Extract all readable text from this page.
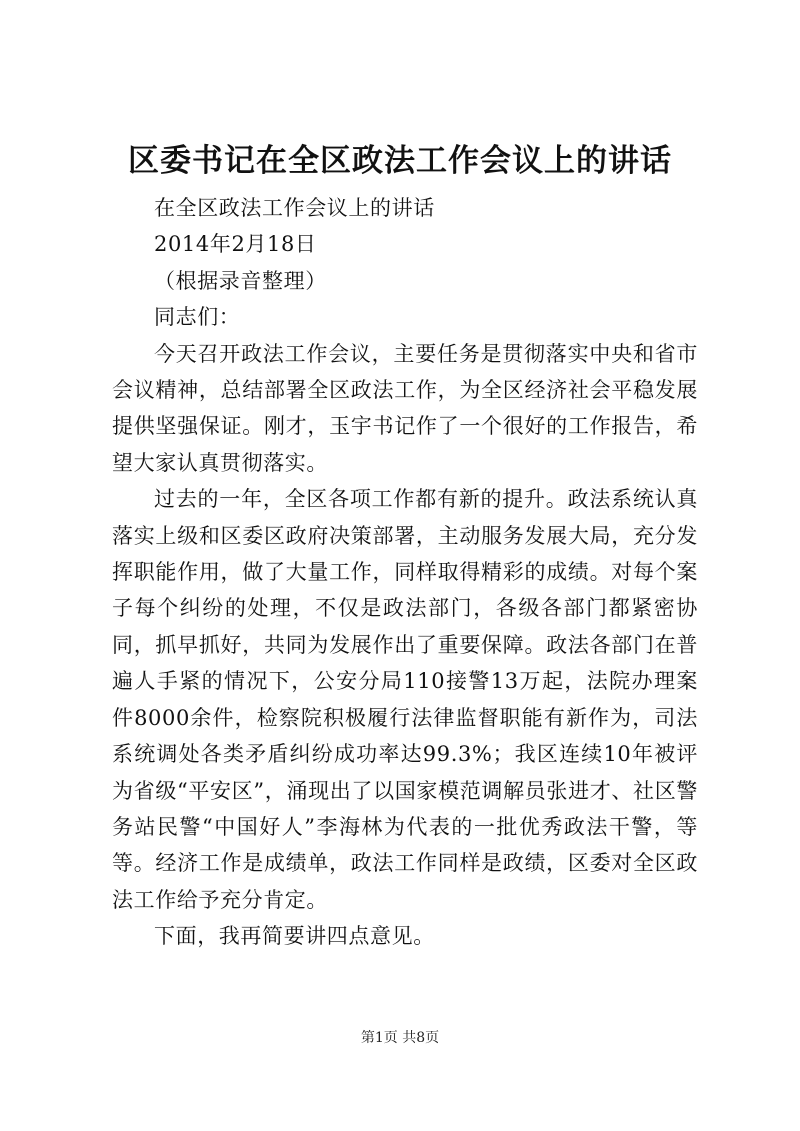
区委书记在全区政法工作会议上的讲话

在全区政法工作会议上的讲话

2014年2月18日

（根据录音整理）

同志们：

今天召开政法工作会议，主要任务是贯彻落实中央和省市会议精神，总结部署全区政法工作，为全区经济社会平稳发展提供坚强保证。刚才，玉宇书记作了一个很好的工作报告，希望大家认真贯彻落实。

过去的一年，全区各项工作都有新的提升。政法系统认真落实上级和区委区政府决策部署，主动服务发展大局，充分发挥职能作用，做了大量工作，同样取得精彩的成绩。对每个案子每个纠纷的处理，不仅是政法部门，各级各部门都紧密协同，抓早抓好，共同为发展作出了重要保障。政法各部门在普遍人手紧的情况下，公安分局110接警13万起，法院办理案件8000余件，检察院积极履行法律监督职能有新作为，司法系统调处各类矛盾纠纷成功率达99.3%；我区连续10年被评为省级“平安区”，涌现出了以国家模范调解员张进才、社区警务站民警“中国好人”李海林为代表的一批优秀政法干警，等等。经济工作是成绩单，政法工作同样是政绩，区委对全区政法工作给予充分肯定。

下面，我再简要讲四点意见。

第1页 共8页
